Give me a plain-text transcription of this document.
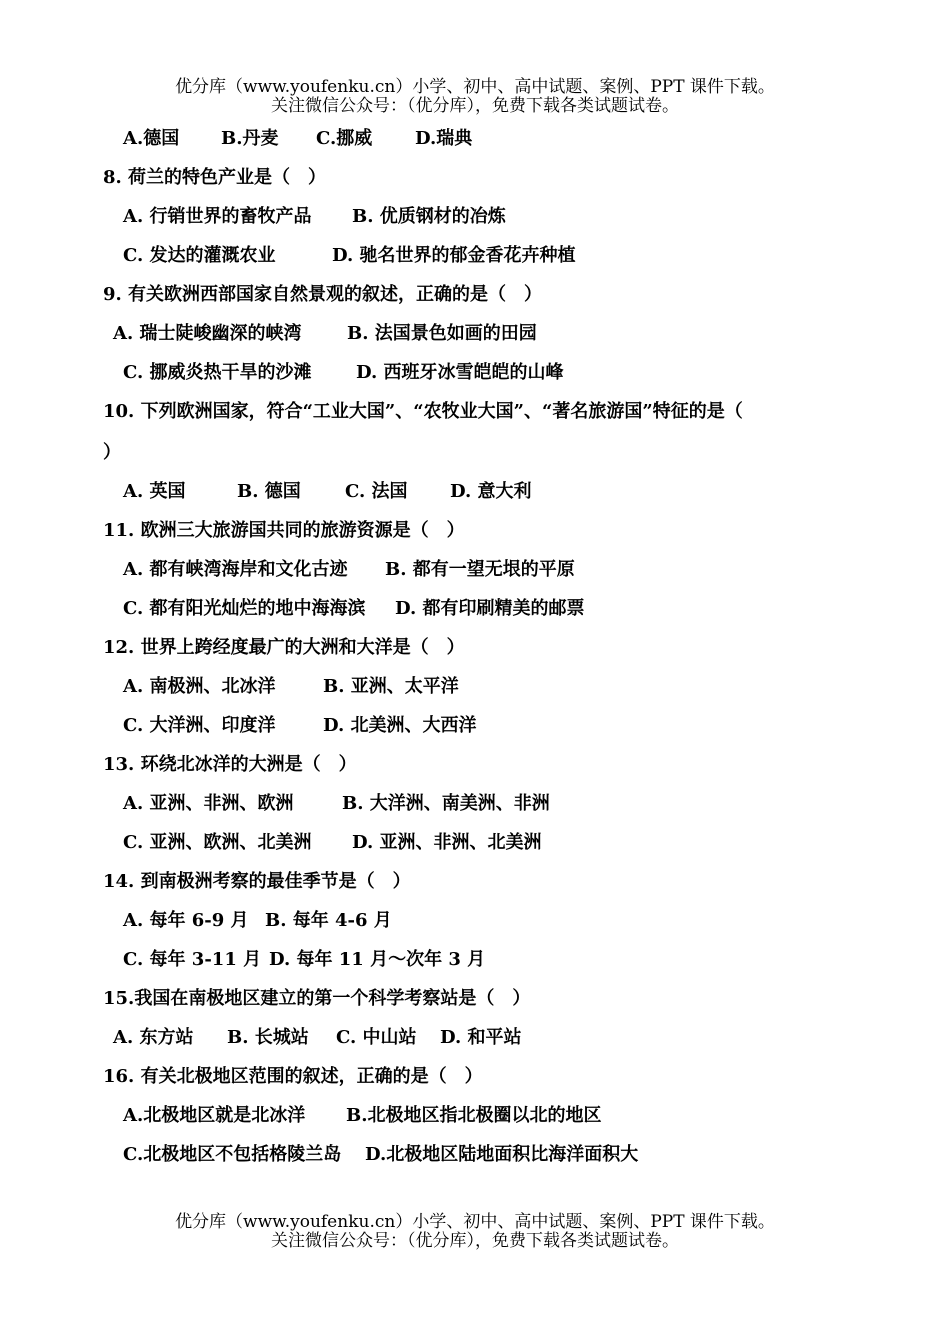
优分库（www.youfenku.cn）小学、初中、高中试题、案例、PPT 课件下载。
关注微信公众号：（优分库），免费下载各类试题试卷。
A.德国 B.丹麦 C.挪威 D.瑞典
8. 荷兰的特色产业是（　）
A. 行销世界的畜牧产品 B. 优质钢材的冶炼
C. 发达的灌溉农业	D. 驰名世界的郁金香花卉种植
9. 有关欧洲西部国家自然景观的叙述，正确的是（　）
A. 瑞士陡峻幽深的峡湾	B. 法国景色如画的田园
C. 挪威炎热干旱的沙滩 D. 西班牙冰雪皑皑的山峰
10. 下列欧洲国家，符合“工业大国”、“农牧业大国”、“著名旅游国”特征的是（
）
A. 英国	B. 德国 C. 法国 D. 意大利
11. 欧洲三大旅游国共同的旅游资源是（　）
A. 都有峡湾海岸和文化古迹 B. 都有一望无垠的平原
C. 都有阳光灿烂的地中海海滨 D. 都有印刷精美的邮票
12. 世界上跨经度最广的大洲和大洋是（　）
A. 南极洲、北冰洋	B. 亚洲、太平洋
C. 大洋洲、印度洋	D. 北美洲、大西洋
13. 环绕北冰洋的大洲是（　）
A. 亚洲、非洲、欧洲	B. 大洋洲、南美洲、非洲
C. 亚洲、欧洲、北美洲 D. 亚洲、非洲、北美洲
14. 到南极洲考察的最佳季节是（　）
A. 每年 6-9 月 B. 每年 4-6 月
C. 每年 3-11 月 D. 每年 11 月～次年 3 月
15.我国在南极地区建立的第一个科学考察站是（　）
A. 东方站 B. 长城站 C. 中山站 D. 和平站
16. 有关北极地区范围的叙述，正确的是（　）
A.北极地区就是北冰洋 B.北极地区指北极圈以北的地区
C.北极地区不包括格陵兰岛 D.北极地区陆地面积比海洋面积大
优分库（www.youfenku.cn）小学、初中、高中试题、案例、PPT 课件下载。
关注微信公众号：（优分库），免费下载各类试题试卷。
